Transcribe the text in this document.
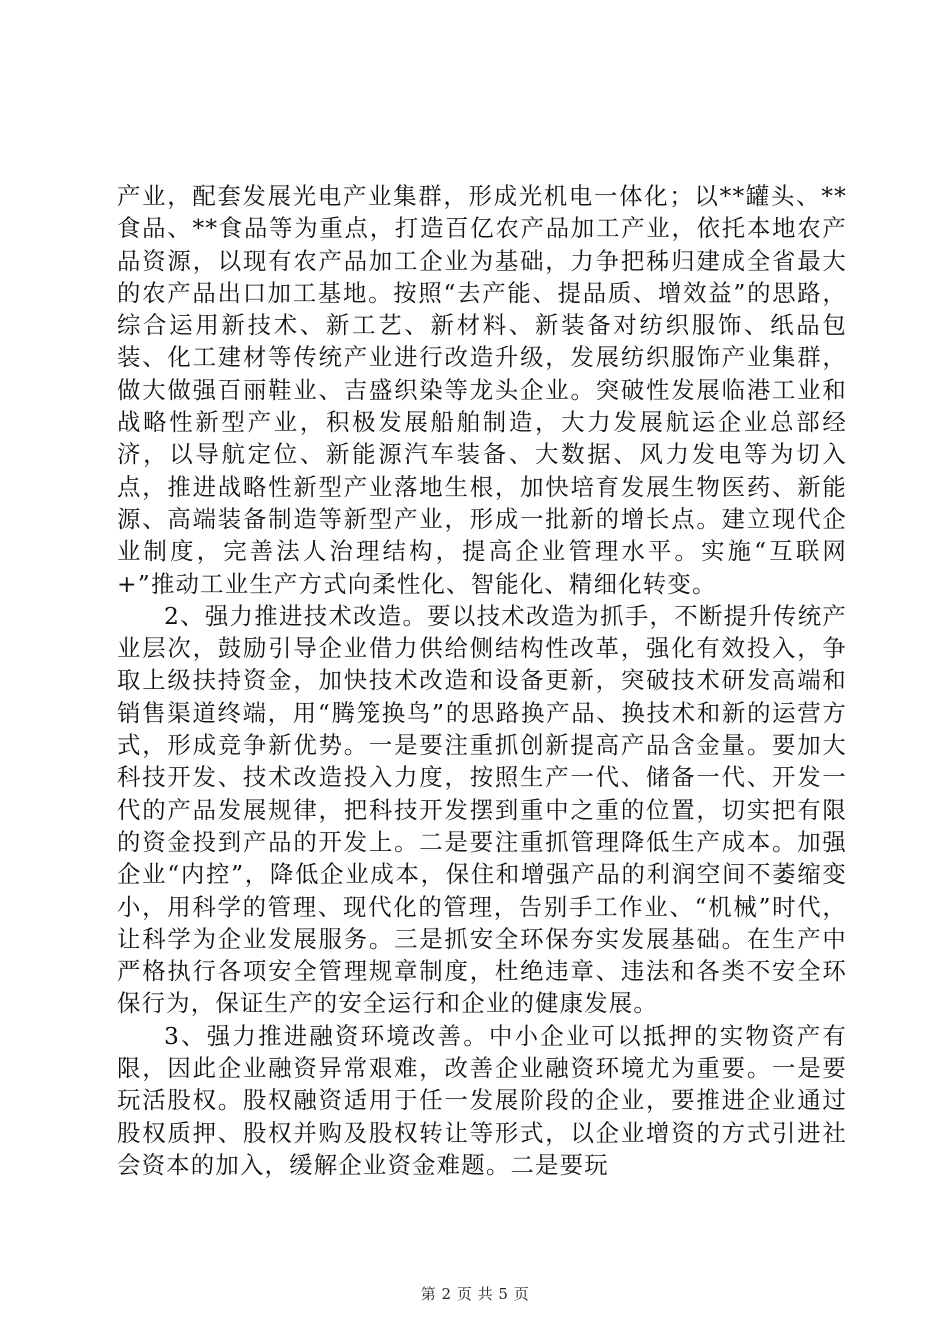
产业，配套发展光电产业集群，形成光机电一体化；以**罐头、**食品、**食品等为重点，打造百亿农产品加工产业，依托本地农产品资源，以现有农产品加工企业为基础，力争把秭归建成全省最大的农产品出口加工基地。按照“去产能、提品质、增效益”的思路，综合运用新技术、新工艺、新材料、新装备对纺织服饰、纸品包装、化工建材等传统产业进行改造升级，发展纺织服饰产业集群，做大做强百丽鞋业、吉盛织染等龙头企业。突破性发展临港工业和战略性新型产业，积极发展船舶制造，大力发展航运企业总部经济，以导航定位、新能源汽车装备、大数据、风力发电等为切入点，推进战略性新型产业落地生根，加快培育发展生物医药、新能源、高端装备制造等新型产业，形成一批新的增长点。建立现代企业制度，完善法人治理结构，提高企业管理水平。实施“互联网+”推动工业生产方式向柔性化、智能化、精细化转变。

2、强力推进技术改造。要以技术改造为抓手，不断提升传统产业层次，鼓励引导企业借力供给侧结构性改革，强化有效投入，争取上级扶持资金，加快技术改造和设备更新，突破技术研发高端和销售渠道终端，用“腾笼换鸟”的思路换产品、换技术和新的运营方式，形成竞争新优势。一是要注重抓创新提高产品含金量。要加大科技开发、技术改造投入力度，按照生产一代、储备一代、开发一代的产品发展规律，把科技开发摆到重中之重的位置，切实把有限的资金投到产品的开发上。二是要注重抓管理降低生产成本。加强企业“内控”，降低企业成本，保住和增强产品的利润空间不萎缩变小，用科学的管理、现代化的管理，告别手工作业、“机械”时代，让科学为企业发展服务。三是抓安全环保夯实发展基础。在生产中严格执行各项安全管理规章制度，杜绝违章、违法和各类不安全环保行为，保证生产的安全运行和企业的健康发展。

3、强力推进融资环境改善。中小企业可以抵押的实物资产有限，因此企业融资异常艰难，改善企业融资环境尤为重要。一是要玩活股权。股权融资适用于任一发展阶段的企业，要推进企业通过股权质押、股权并购及股权转让等形式，以企业增资的方式引进社会资本的加入，缓解企业资金难题。二是要玩

第 2 页 共 5 页
